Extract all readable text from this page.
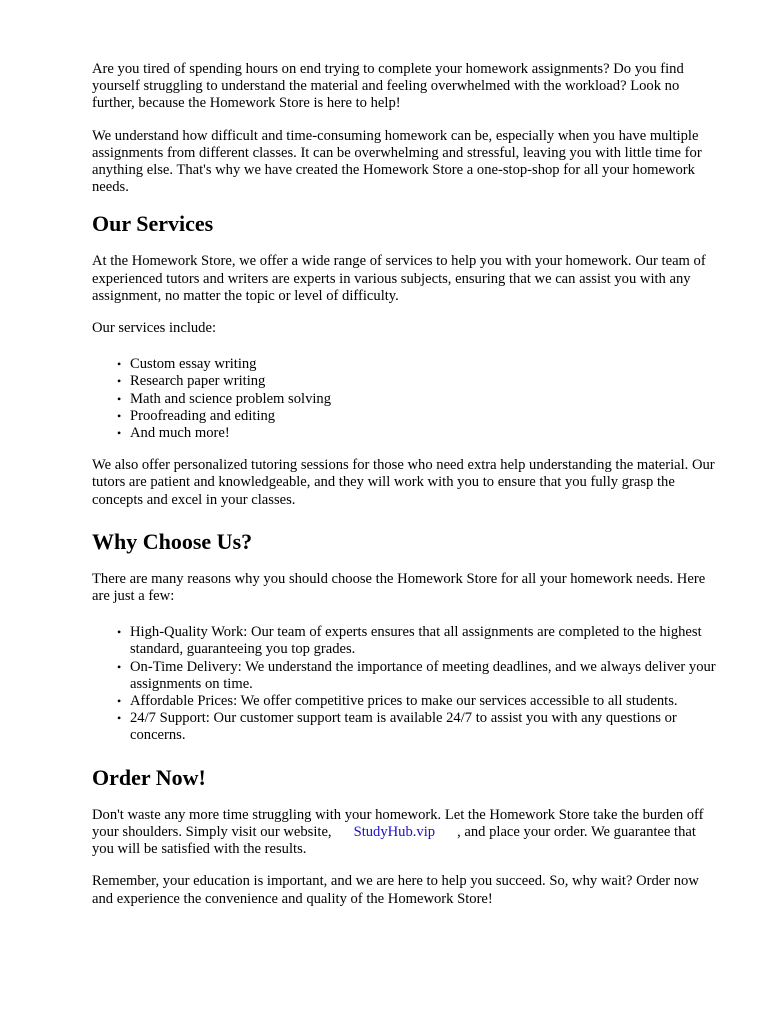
Are you tired of spending hours on end trying to complete your homework assignments? Do you find yourself struggling to understand the material and feeling overwhelmed with the workload? Look no further, because the Homework Store is here to help!

We understand how difficult and time-consuming homework can be, especially when you have multiple assignments from different classes. It can be overwhelming and stressful, leaving you with little time for anything else. That's why we have created the Homework Store a one-stop-shop for all your homework needs.

Our Services

At the Homework Store, we offer a wide range of services to help you with your homework. Our team of experienced tutors and writers are experts in various subjects, ensuring that we can assist you with any assignment, no matter the topic or level of difficulty.

Our services include:

• Custom essay writing
• Research paper writing
• Math and science problem solving
• Proofreading and editing
• And much more!

We also offer personalized tutoring sessions for those who need extra help understanding the material. Our tutors are patient and knowledgeable, and they will work with you to ensure that you fully grasp the concepts and excel in your classes.

Why Choose Us?

There are many reasons why you should choose the Homework Store for all your homework needs. Here are just a few:

• High-Quality Work: Our team of experts ensures that all assignments are completed to the highest standard, guaranteeing you top grades.
• On-Time Delivery: We understand the importance of meeting deadlines, and we always deliver your assignments on time.
• Affordable Prices: We offer competitive prices to make our services accessible to all students.
• 24/7 Support: Our customer support team is available 24/7 to assist you with any questions or concerns.
Order Now!

Don't waste any more time struggling with your homework. Let the Homework Store take the burden off your shoulders. Simply visit our website, StudyHub.vip , and place your order. We guarantee that you will be satisfied with the results.

Remember, your education is important, and we are here to help you succeed. So, why wait? Order now and experience the convenience and quality of the Homework Store!
